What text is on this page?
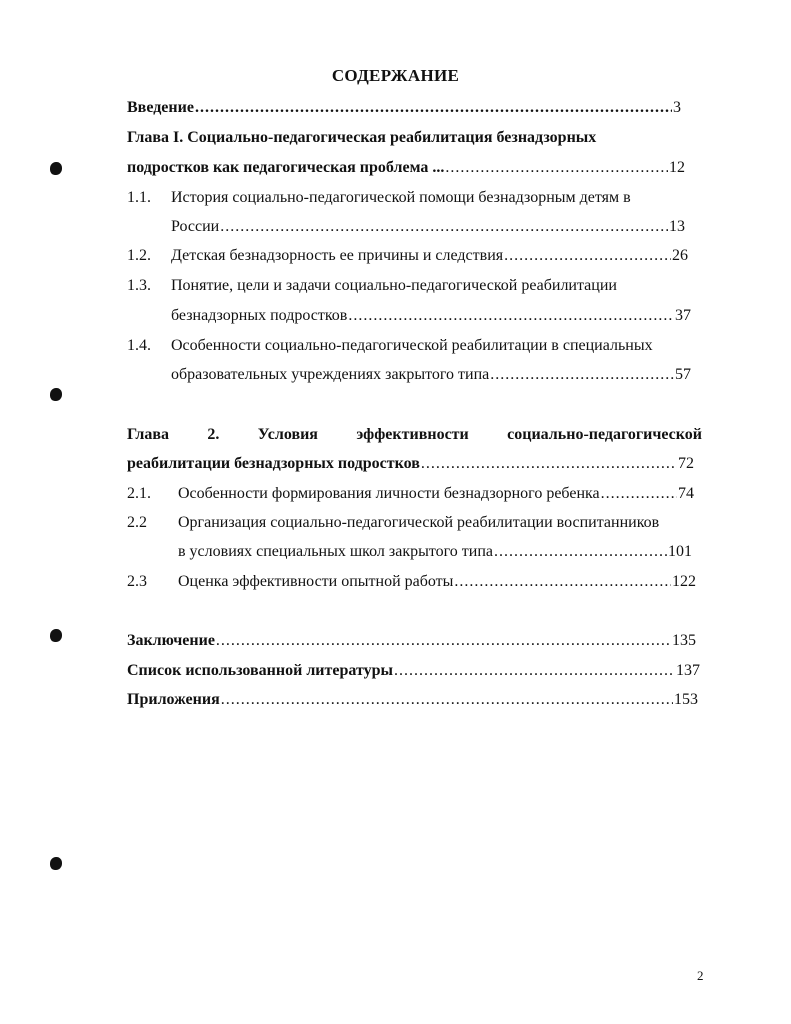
СОДЕРЖАНИЕ
Введение .....	3
Глава I. Социально-педагогическая реабилитация безнадзорных
подростков как педагогическая проблема ... .....	12
1.1. История социально-педагогической помощи безнадзорным детям в
России .....	13
1.2. Детская безнадзорность ее причины и следствия .....	26
1.3. Понятие, цели и задачи социально-педагогической реабилитации
безнадзорных подростков .....	37
1.4. Особенности социально-педагогической реабилитации в специальных
образовательных учреждениях закрытого типа .....	57
Глава 2. Условия эффективности социально-педагогической
реабилитации безнадзорных подростков .....	72
2.1. Особенности формирования личности безнадзорного ребенка .....	74
2.2 Организация социально-педагогической реабилитации воспитанников
в условиях специальных школ закрытого типа .....	101
2.3 Оценка эффективности опытной работы .....	122
Заключение .....	135
Список использованной литературы .....	137
Приложения .....	153
2
